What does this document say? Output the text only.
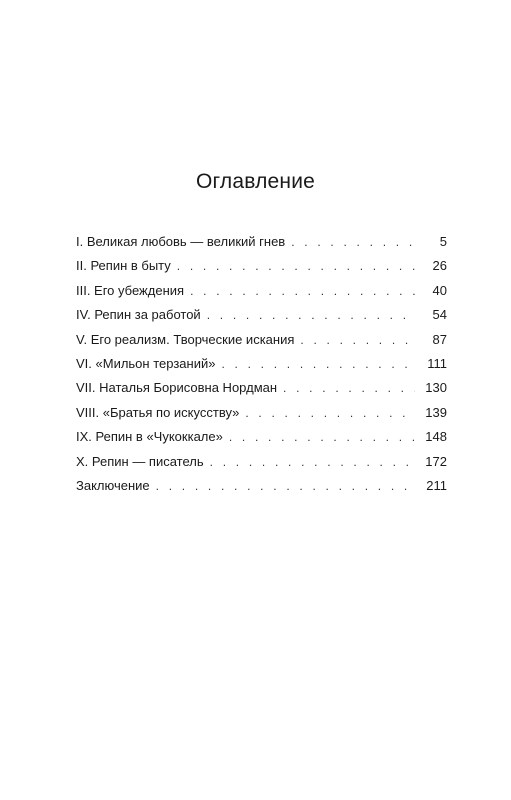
Оглавление
I. Великая любовь — великий гнев . . .	5
II. Репин в быту . . .	26
III. Его убеждения . . .	40
IV. Репин за работой . . .	54
V. Его реализм. Творческие искания . . .	87
VI. «Мильон терзаний» . . .	111
VII. Наталья Борисовна Нордман . . .	130
VIII. «Братья по искусству» . . .	139
IX. Репин в «Чукоккале» . . .	148
X. Репин — писатель . . .	172
Заключение . . .	211
